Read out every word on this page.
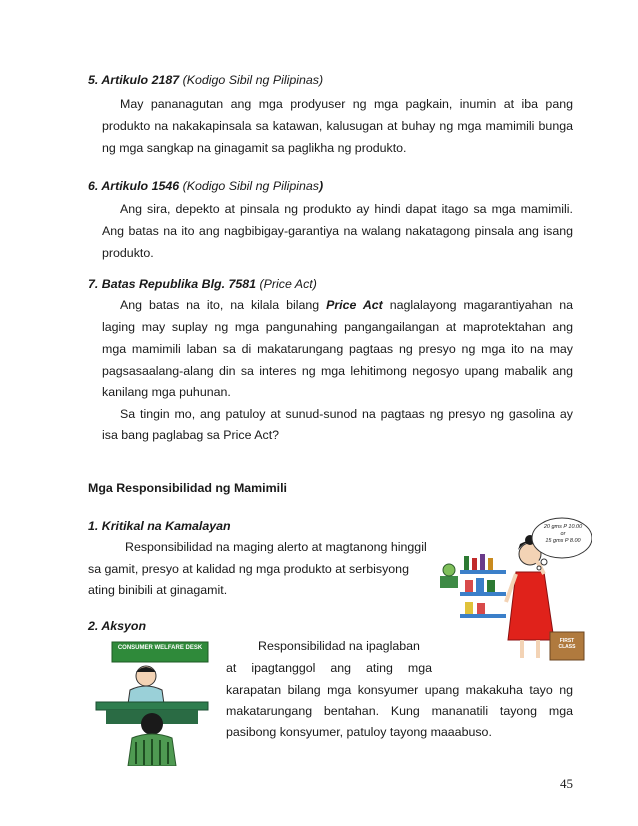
5. Artikulo 2187 (Kodigo Sibil ng Pilipinas)
May pananagutan ang mga prodyuser ng mga pagkain, inumin at iba pang
produkto na nakakapinsala sa katawan, kalusugan at buhay ng mga mamimili bunga
ng mga sangkap na ginagamit sa paglikha ng produkto.
6. Artikulo 1546 (Kodigo Sibil ng Pilipinas)
Ang sira, depekto at pinsala ng produkto ay hindi dapat itago sa mga mamimili.
Ang batas na ito ang nagbibigay-garantiya na walang nakatagong pinsala ang isang
produkto.
7. Batas Republika Blg. 7581 (Price Act)
Ang batas na ito, na kilala bilang Price Act naglalayong magarantiyahan na
laging may suplay ng mga pangunahing pangangailangan at maprotektahan ang
mga mamimili laban sa di makatarungang pagtaas ng presyo ng mga ito na may
pagsasaalang-alang din sa interes ng mga lehitimong negosyo upang mabalik ang
kanilang mga puhunan.
Sa tingin mo, ang patuloy at sunud-sunod na pagtaas ng presyo ng gasolina ay
isa bang paglabag sa Price Act?
Mga Responsibilidad ng Mamimili
1. Kritikal na Kamalayan
Responsibilidad na maging alerto at magtanong hinggil
sa gamit, presyo at kalidad ng mga produkto at serbisyong
ating binibili at ginagamit.
20 gms P 10.00
or
15 gms P 8.00
FIRST CLASS
2. Aksyon
Responsibilidad na ipaglaban
at ipagtanggol ang ating mga
karapatan bilang mga konsyumer upang makakuha tayo ng
makatarungang bentahan. Kung mananatili tayong mga
pasibong konsyumer, patuloy tayong maaabuso.
CONSUMER WELFARE DESK
45
